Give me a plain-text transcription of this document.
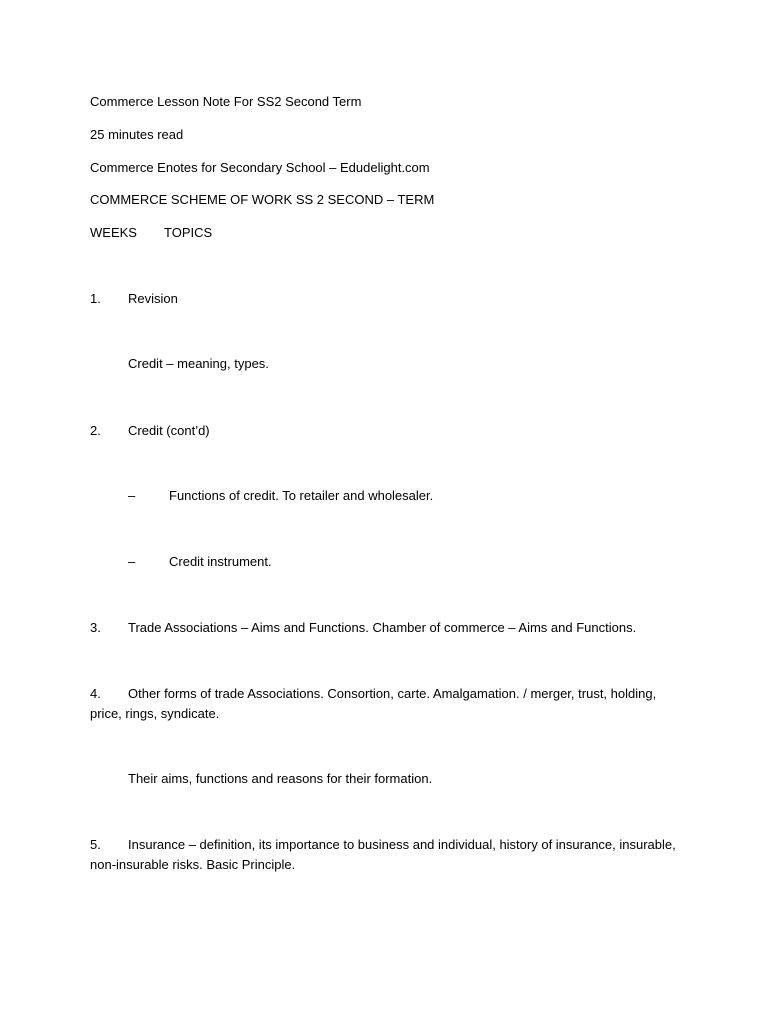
Commerce Lesson Note For SS2 Second Term
25 minutes read
Commerce Enotes for Secondary School – Edudelight.com
COMMERCE SCHEME OF WORK SS 2 SECOND – TERM
WEEKS TOPICS
1. Revision
Credit – meaning, types.
2. Credit (cont’d)
–	Functions of credit. To retailer and wholesaler.
–	Credit instrument.
3. Trade Associations – Aims and Functions. Chamber of commerce – Aims and Functions.
4. Other forms of trade Associations. Consortion, carte. Amalgamation. / merger, trust, holding, price, rings, syndicate.
Their aims, functions and reasons for their formation.
5. Insurance – definition, its importance to business and individual, history of insurance, insurable, non-insurable risks. Basic Principle.
